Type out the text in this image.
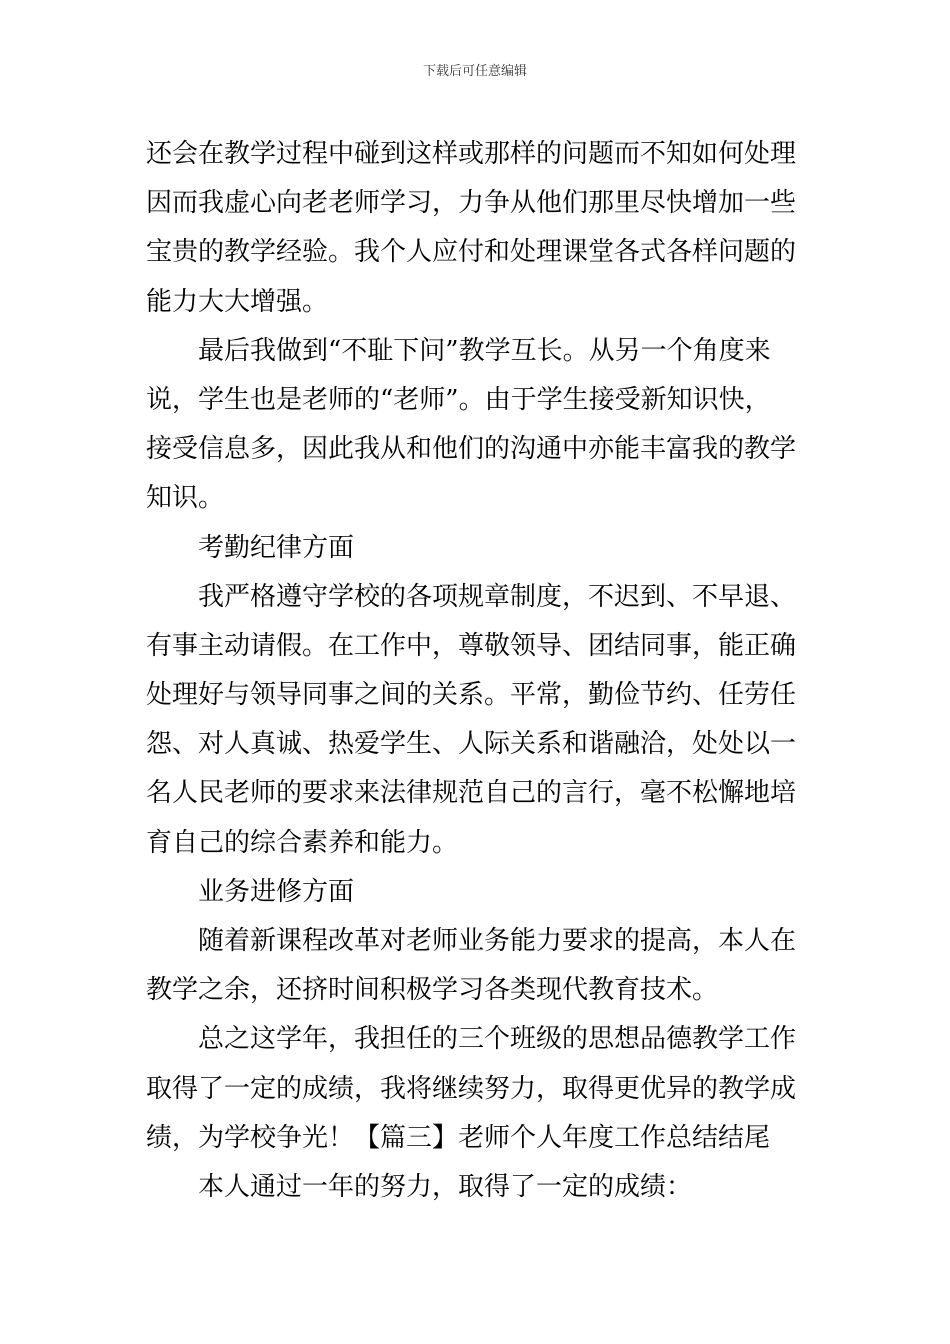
下载后可任意编辑
还会在教学过程中碰到这样或那样的问题而不知如何处理
因而我虚心向老老师学习，力争从他们那里尽快增加一些
宝贵的教学经验。我个人应付和处理课堂各式各样问题的
能力大大增强。
最后我做到“不耻下问”教学互长。从另一个角度来
说，学生也是老师的“老师”。由于学生接受新知识快，
接受信息多，因此我从和他们的沟通中亦能丰富我的教学
知识。
考勤纪律方面
我严格遵守学校的各项规章制度，不迟到、不早退、
有事主动请假。在工作中，尊敬领导、团结同事，能正确
处理好与领导同事之间的关系。平常，勤俭节约、任劳任
怨、对人真诚、热爱学生、人际关系和谐融洽，处处以一
名人民老师的要求来法律规范自己的言行，毫不松懈地培
育自己的综合素养和能力。
业务进修方面
随着新课程改革对老师业务能力要求的提高，本人在
教学之余，还挤时间积极学习各类现代教育技术。
总之这学年，我担任的三个班级的思想品德教学工作
取得了一定的成绩，我将继续努力，取得更优异的教学成
绩，为学校争光！【篇三】老师个人年度工作总结结尾
本人通过一年的努力，取得了一定的成绩：
